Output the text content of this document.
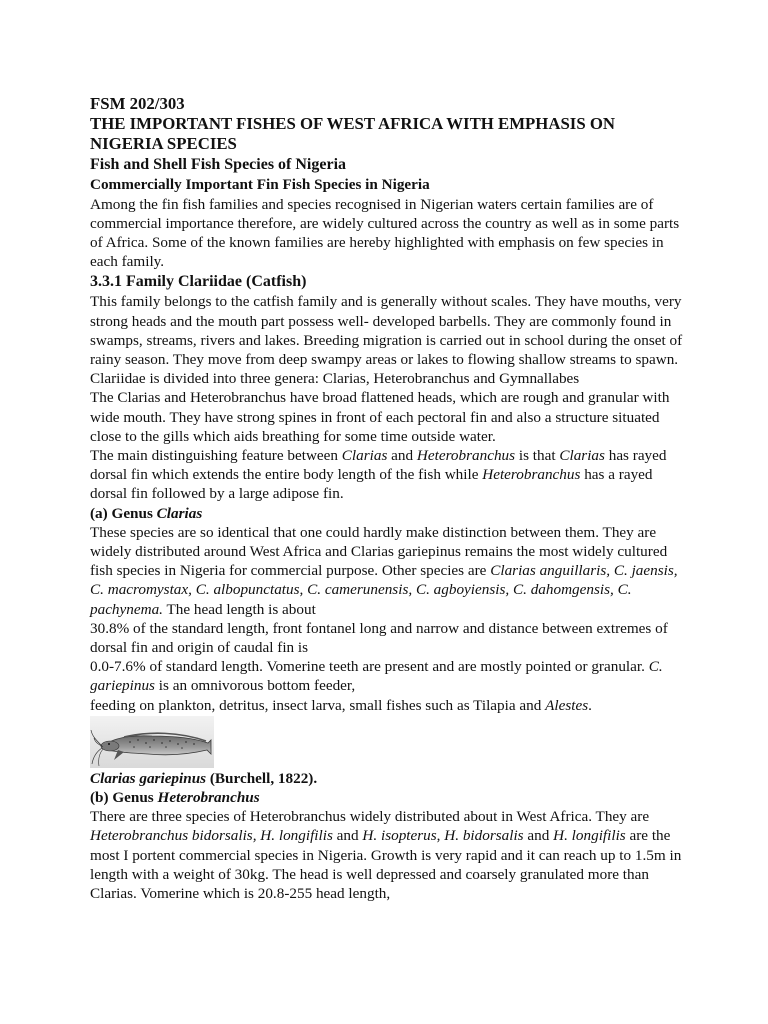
FSM 202/303

THE IMPORTANT FISHES OF WEST AFRICA WITH EMPHASIS ON NIGERIA SPECIES

Fish and Shell Fish Species of Nigeria

Commercially Important Fin Fish Species in Nigeria

Among the fin fish families and species recognised in Nigerian waters certain families are of commercial importance therefore, are widely cultured across the country as well as in some parts of Africa. Some of the known families are hereby highlighted with emphasis on few species in each family.

3.3.1 Family Clariidae (Catfish)

This family belongs to the catfish family and is generally without scales. They have mouths, very strong heads and the mouth part possess well- developed barbells. They are commonly found in swamps, streams, rivers and lakes. Breeding migration is carried out in school during the onset of rainy season. They move from deep swampy areas or lakes to flowing shallow streams to spawn. Clariidae is divided into three genera: Clarias, Heterobranchus and Gymnallabes

The Clarias and Heterobranchus have broad flattened heads, which are rough and granular with wide mouth. They have strong spines in front of each pectoral fin and also a structure situated close to the gills which aids breathing for some time outside water.

The main distinguishing feature between Clarias and Heterobranchus is that Clarias has rayed dorsal fin which extends the entire body length of the fish while Heterobranchus has a rayed dorsal fin followed by a large adipose fin.

(a) Genus Clarias

These species are so identical that one could hardly make distinction between them. They are widely distributed around West Africa and Clarias gariepinus remains the most widely cultured fish species in Nigeria for commercial purpose. Other species are Clarias anguillaris, C. jaensis, C. macromystax, C. albopunctatus, C. camerunensis, C. agboyiensis, C. dahomgensis, C. pachynema. The head length is about

30.8% of the standard length, front fontanel long and narrow and distance between extremes of dorsal fin and origin of caudal fin is

0.0-7.6% of standard length. Vomerine teeth are present and are mostly pointed or granular. C. gariepinus is an omnivorous bottom feeder,

feeding on plankton, detritus, insect larva, small fishes such as Tilapia and Alestes.

Clarias gariepinus (Burchell, 1822).

(b) Genus Heterobranchus

There are three species of Heterobranchus widely distributed about in West Africa. They are Heterobranchus bidorsalis, H. longifilis and H. isopterus, H. bidorsalis and H. longifilis are the most I portent commercial species in Nigeria. Growth is very rapid and it can reach up to 1.5m in length with a weight of 30kg. The head is well depressed and coarsely granulated more than Clarias. Vomerine which is 20.8-255 head length,
